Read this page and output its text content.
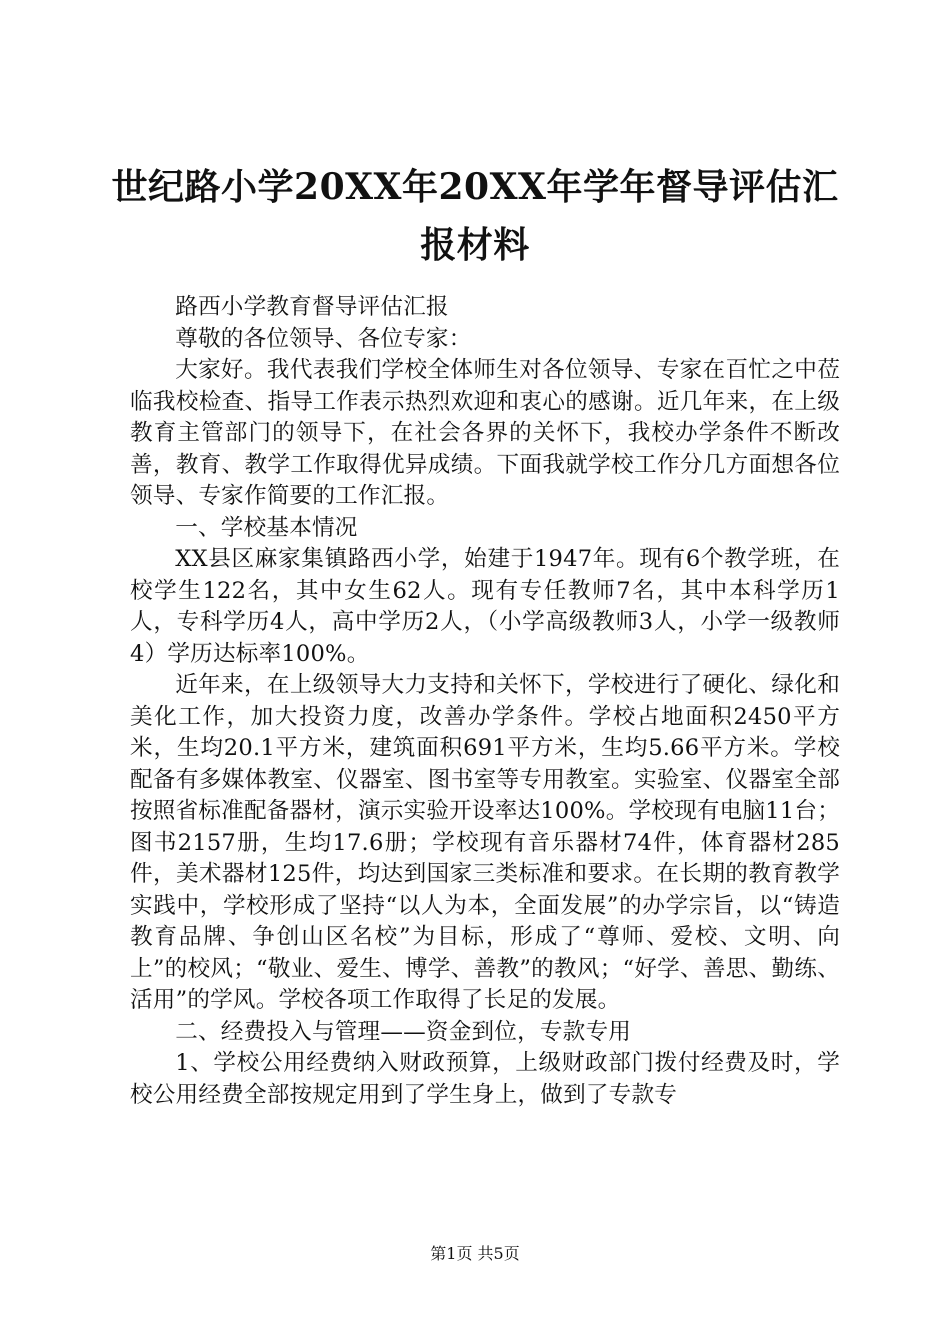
世纪路小学20XX年20XX年学年督导评估汇报材料

路西小学教育督导评估汇报

尊敬的各位领导、各位专家：

大家好。我代表我们学校全体师生对各位领导、专家在百忙之中莅临我校检查、指导工作表示热烈欢迎和衷心的感谢。近几年来，在上级教育主管部门的领导下，在社会各界的关怀下，我校办学条件不断改善，教育、教学工作取得优异成绩。下面我就学校工作分几方面想各位领导、专家作简要的工作汇报。

一、学校基本情况

XX县区麻家集镇路西小学，始建于1947年。现有6个教学班，在校学生122名，其中女生62人。现有专任教师7名，其中本科学历1人，专科学历4人，高中学历2人，（小学高级教师3人，小学一级教师4）学历达标率100%。

近年来，在上级领导大力支持和关怀下，学校进行了硬化、绿化和美化工作，加大投资力度，改善办学条件。学校占地面积2450平方米，生均20.1平方米，建筑面积691平方米，生均5.66平方米。学校配备有多媒体教室、仪器室、图书室等专用教室。实验室、仪器室全部按照省标准配备器材，演示实验开设率达100%。学校现有电脑11台；图书2157册，生均17.6册；学校现有音乐器材74件，体育器材285件，美术器材125件，均达到国家三类标准和要求。在长期的教育教学实践中，学校形成了坚持“以人为本，全面发展”的办学宗旨，以“铸造教育品牌、争创山区名校”为目标，形成了“尊师、爱校、文明、向上”的校风；“敬业、爱生、博学、善教”的教风；“好学、善思、勤练、活用”的学风。学校各项工作取得了长足的发展。

二、经费投入与管理——资金到位，专款专用

1、学校公用经费纳入财政预算，上级财政部门拨付经费及时，学校公用经费全部按规定用到了学生身上，做到了专款专

第1页 共5页
